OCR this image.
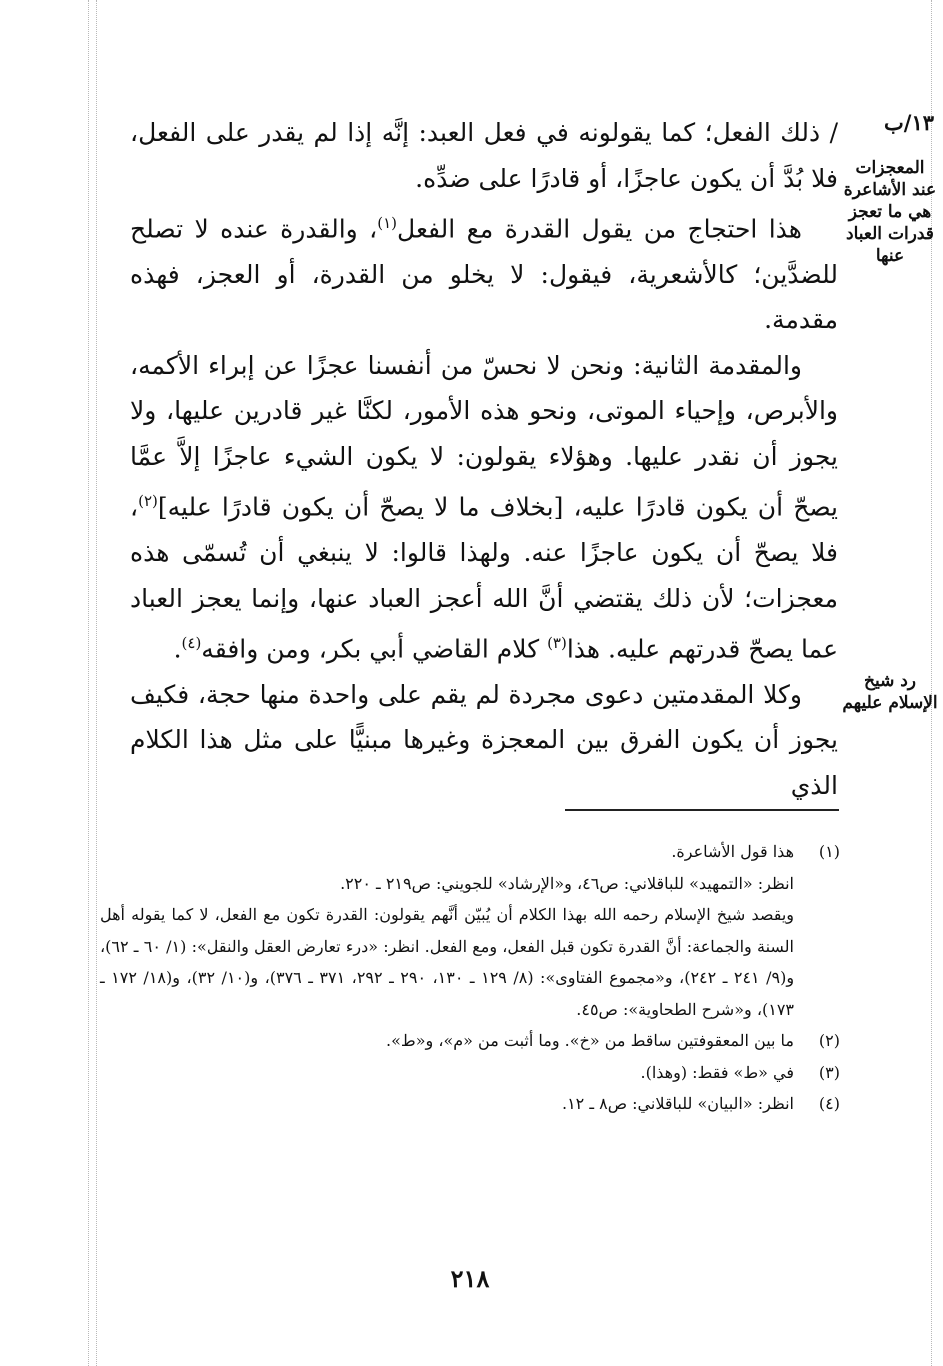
١٣/ب
المعجزات عند الأشاعرة هي ما تعجز قدرات العباد عنها
رد شيخ الإسلام عليهم

/ ذلك الفعل؛ كما يقولونه في فعل العبد: إنَّه إذا لم يقدر على الفعل، فلا بُدَّ أن يكون عاجزًا، أو قادرًا على ضدِّه.

هذا احتجاج من يقول القدرة مع الفعل$^{(١)}$، والقدرة عنده لا تصلح للضدَّين؛ كالأشعرية، فيقول: لا يخلو من القدرة، أو العجز، فهذه مقدمة.

والمقدمة الثانية: ونحن لا نحسّ من أنفسنا عجزًا عن إبراء الأكمه، والأبرص، وإحياء الموتى، ونحو هذه الأمور، لكنَّا غير قادرين عليها، ولا يجوز أن نقدر عليها. وهؤلاء يقولون: لا يكون الشيء عاجزًا إلاَّ عمَّا يصحّ أن يكون قادرًا عليه، [بخلاف ما لا يصحّ أن يكون قادرًا عليه]$^{(٢)}$، فلا يصحّ أن يكون عاجزًا عنه. ولهذا قالوا: لا ينبغي أن تُسمّى هذه معجزات؛ لأن ذلك يقتضي أنَّ الله أعجز العباد عنها، وإنما يعجز العباد عما يصحّ قدرتهم عليه. هذا$^{(٣)}$ كلام القاضي أبي بكر، ومن وافقه$^{(٤)}$.

وكلا المقدمتين دعوى مجردة لم يقم على واحدة منها حجة، فكيف يجوز أن يكون الفرق بين المعجزة وغيرها مبنيًّا على مثل هذا الكلام الذي

(١)

هذا قول الأشاعرة.

انظر: «التمهيد» للباقلاني: ص٤٦، و«الإرشاد» للجويني: ص٢١٩ ـ ٢٢٠.

ويقصد شيخ الإسلام رحمه الله بهذا الكلام أن يُبيّن أنَّهم يقولون: القدرة تكون مع الفعل، لا كما يقوله أهل السنة والجماعة: أنَّ القدرة تكون قبل الفعل، ومع الفعل. انظر: «درء تعارض العقل والنقل»: (١/ ٦٠ ـ ٦٢)، و(٩/ ٢٤١ ـ ٢٤٢)، و«مجموع الفتاوى»: (٨/ ١٢٩ ـ ١٣٠، ٢٩٠ ـ ٢٩٢، ٣٧١ ـ ٣٧٦)، و(١٠/ ٣٢)، و(١٨/ ١٧٢ ـ ١٧٣)، و«شرح الطحاوية»: ص٤٥.

(٢)

ما بين المعقوفتين ساقط من «خ». وما أثبت من «م»، و«ط».

(٣)

في «ط» فقط: (وهذا).

(٤)

انظر: «البيان» للباقلاني: ص٨ ـ ١٢.

٢١٨
